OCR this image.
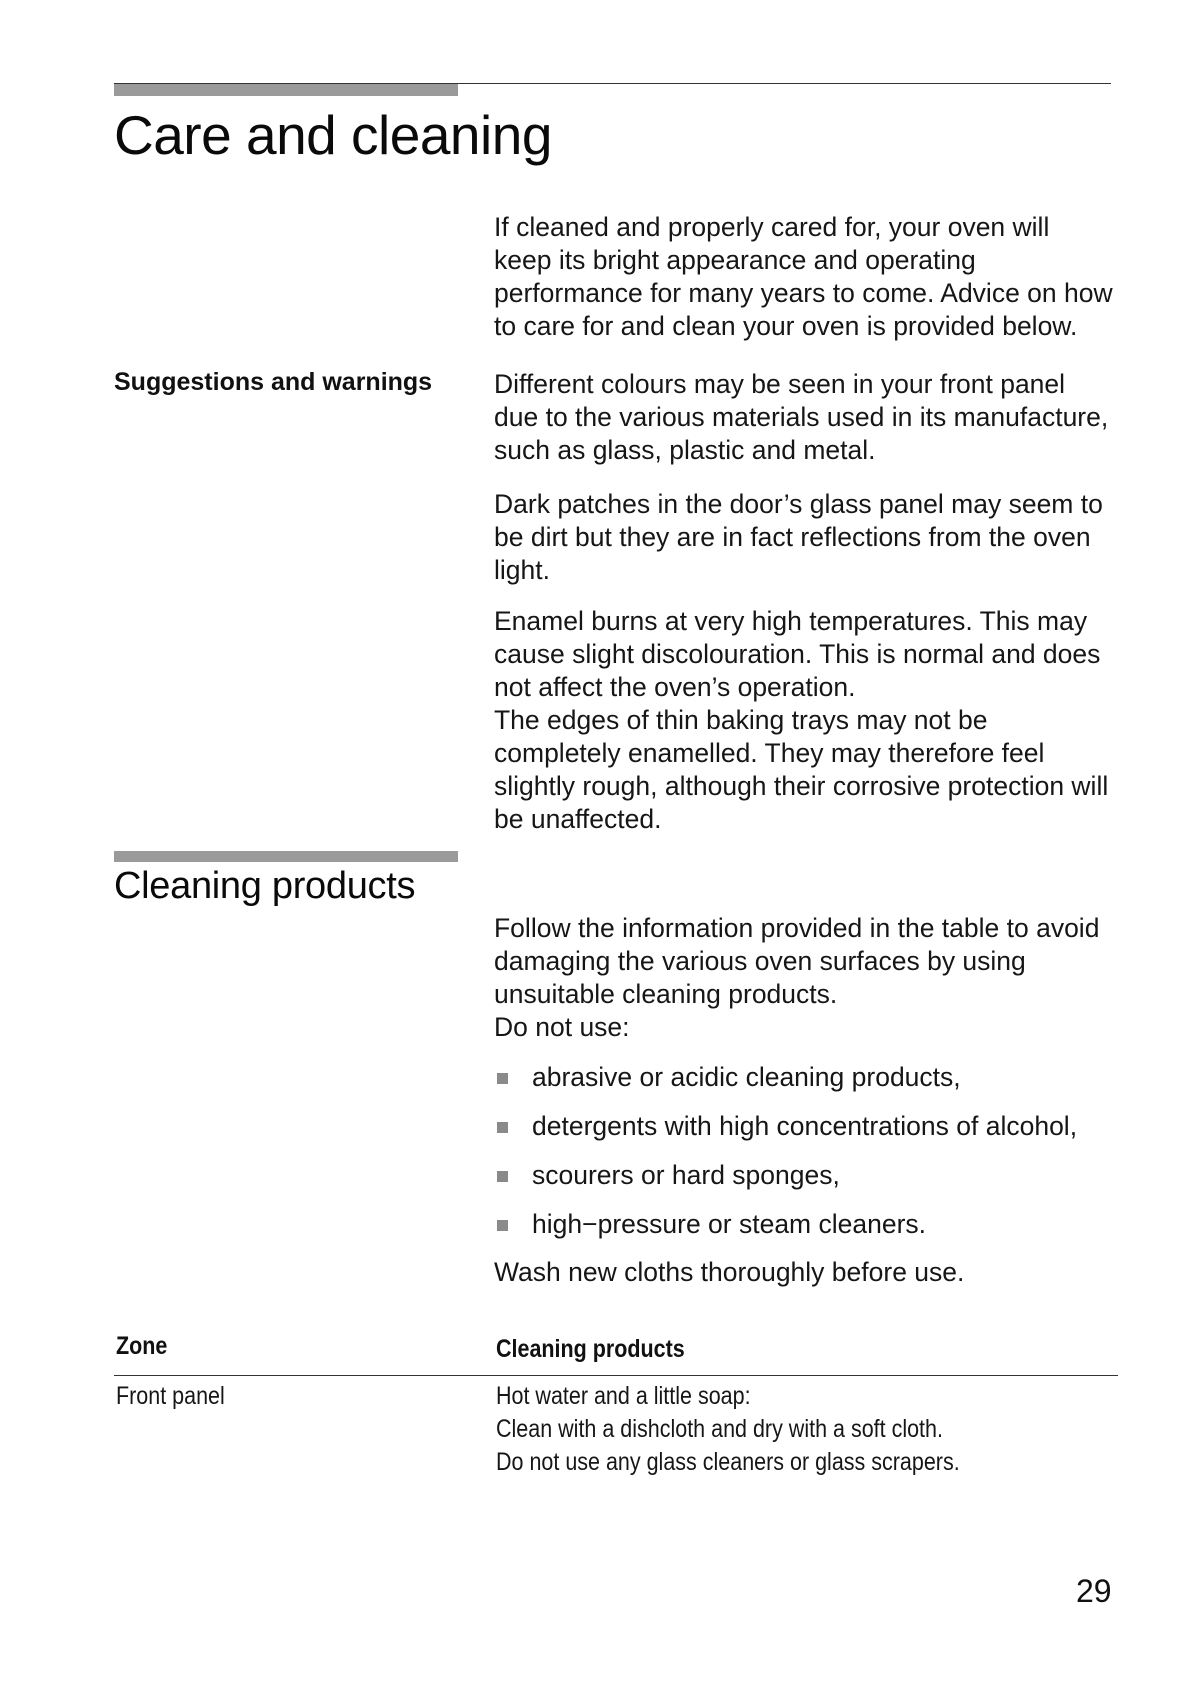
Care and cleaning

If cleaned and properly cared for, your oven will keep its bright appearance and operating performance for many years to come. Advice on how to care for and clean your oven is provided below.

Suggestions and warnings Different colours may be seen in your front panel due to the various materials used in its manufacture, such as glass, plastic and metal.

Dark patches in the door’s glass panel may seem to be dirt but they are in fact reflections from the oven light.

Enamel burns at very high temperatures. This may cause slight discolouration. This is normal and does not affect the oven’s operation.

The edges of thin baking trays may not be completely enamelled. They may therefore feel slightly rough, although their corrosive protection will be unaffected.

Cleaning products

Follow the information provided in the table to avoid damaging the various oven surfaces by using unsuitable cleaning products.

Do not use:

abrasive or acidic cleaning products,
detergents with high concentrations of alcohol,
scourers or hard sponges,
high−pressure or steam cleaners.
Wash new cloths thoroughly before use.
Zone	Cleaning products
Front panel	Hot water and a little soap:
Clean with a dishcloth and dry with a soft cloth.
Do not use any glass cleaners or glass scrapers.
29
